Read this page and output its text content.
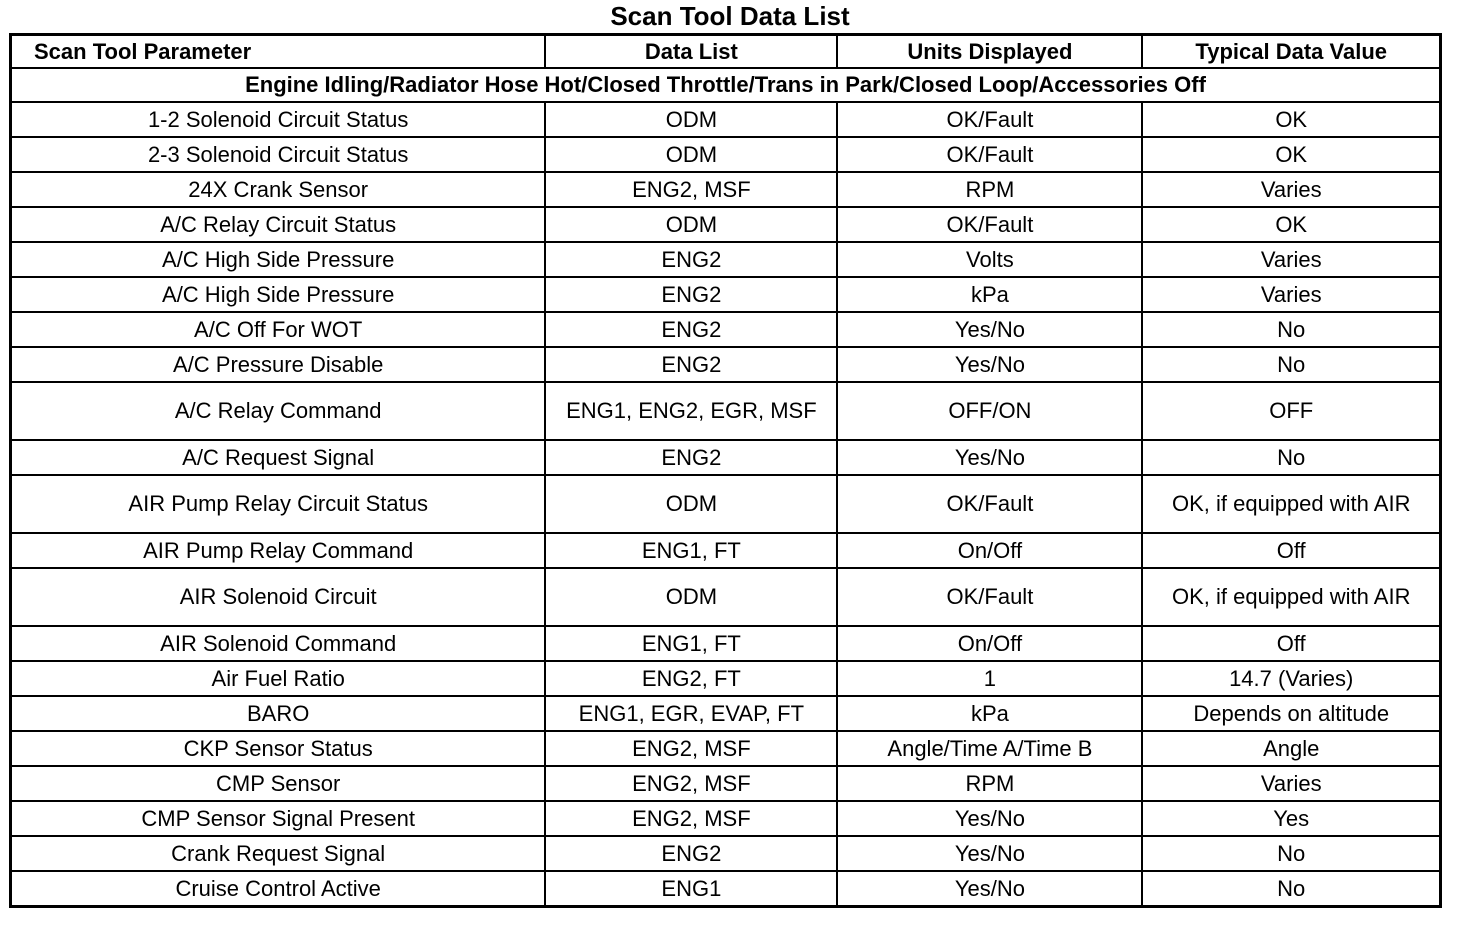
Scan Tool Data List
Scan Tool Parameter	Data List	Units Displayed	Typical Data Value
Engine Idling/Radiator Hose Hot/Closed Throttle/Trans in Park/Closed Loop/Accessories Off			
1-2 Solenoid Circuit Status	ODM	OK/Fault	OK
2-3 Solenoid Circuit Status	ODM	OK/Fault	OK
24X Crank Sensor	ENG2, MSF	RPM	Varies
A/C Relay Circuit Status	ODM	OK/Fault	OK
A/C High Side Pressure	ENG2	Volts	Varies
A/C High Side Pressure	ENG2	kPa	Varies
A/C Off For WOT	ENG2	Yes/No	No
A/C Pressure Disable	ENG2	Yes/No	No
A/C Relay Command	ENG1, ENG2, EGR, MSF	OFF/ON	OFF
A/C Request Signal	ENG2	Yes/No	No
AIR Pump Relay Circuit Status	ODM	OK/Fault	OK, if equipped with AIR
AIR Pump Relay Command	ENG1, FT	On/Off	Off
AIR Solenoid Circuit	ODM	OK/Fault	OK, if equipped with AIR
AIR Solenoid Command	ENG1, FT	On/Off	Off
Air Fuel Ratio	ENG2, FT	1	14.7 (Varies)
BARO	ENG1, EGR, EVAP, FT	kPa	Depends on altitude
CKP Sensor Status	ENG2, MSF	Angle/Time A/Time B	Angle
CMP Sensor	ENG2, MSF	RPM	Varies
CMP Sensor Signal Present	ENG2, MSF	Yes/No	Yes
Crank Request Signal	ENG2	Yes/No	No
Cruise Control Active	ENG1	Yes/No	No
